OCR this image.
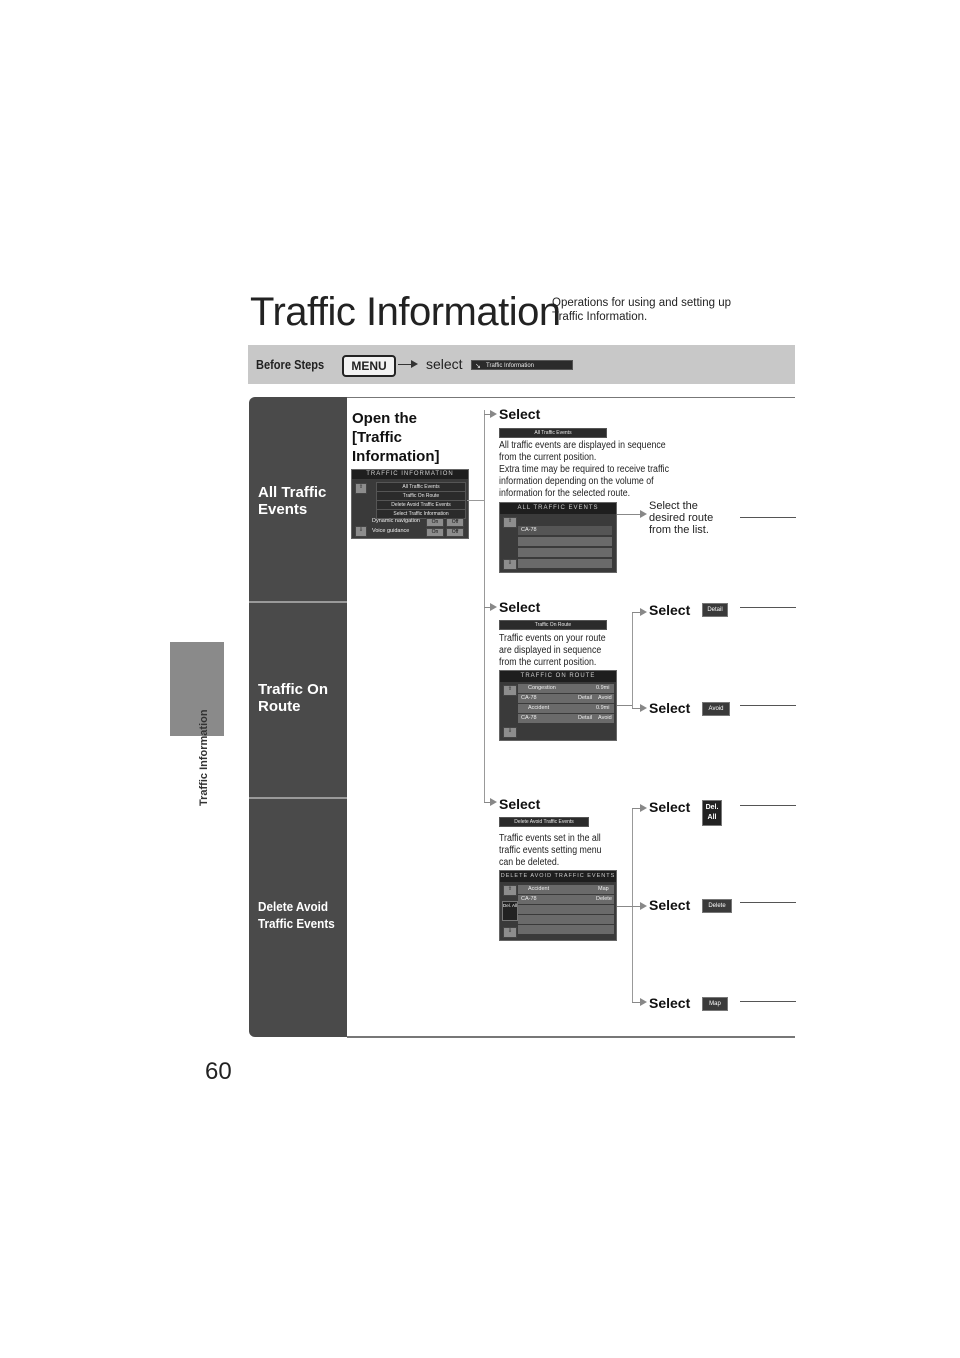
Traffic Information
60
Traffic Information
Operations for using and setting up Traffic Information.
Before Steps	MENU	select ↘ Traffic Information
All Traffic Events
Traffic On Route
Delete Avoid Traffic Events
Open the [Traffic Information]
TRAFFIC INFORMATION
⇧
⇩
All Traffic Events
Traffic On Route
Delete Avoid Traffic Events
Select Traffic Information
Dynamic navigation	On	Off
Voice guidance	On	Off
Select
All Traffic Events
All traffic events are displayed in sequence
from the current position.
Extra time may be required to receive traffic
information depending on the volume of
information for the selected route.
ALL TRAFFIC EVENTS
⇧
⇩
CA-78
Select the
desired route
from the list.
Select
Traffic On Route
Traffic events on your route
are displayed in sequence
from the current position.
TRAFFIC ON ROUTE
⇧
⇩
Congestion	0.9mi
CA-78	Detail Avoid
Accident	0.9mi
CA-78	Detail Avoid
Select	Detail
Select	Avoid
Select
Delete Avoid Traffic Events
Traffic events set in the all
traffic events setting menu
can be deleted.
DELETE AVOID TRAFFIC EVENTS
⇧
⇩
Del. All
Accident	Map
CA-78	Delete
Select	Del. All
Select	Delete
Select	Map
